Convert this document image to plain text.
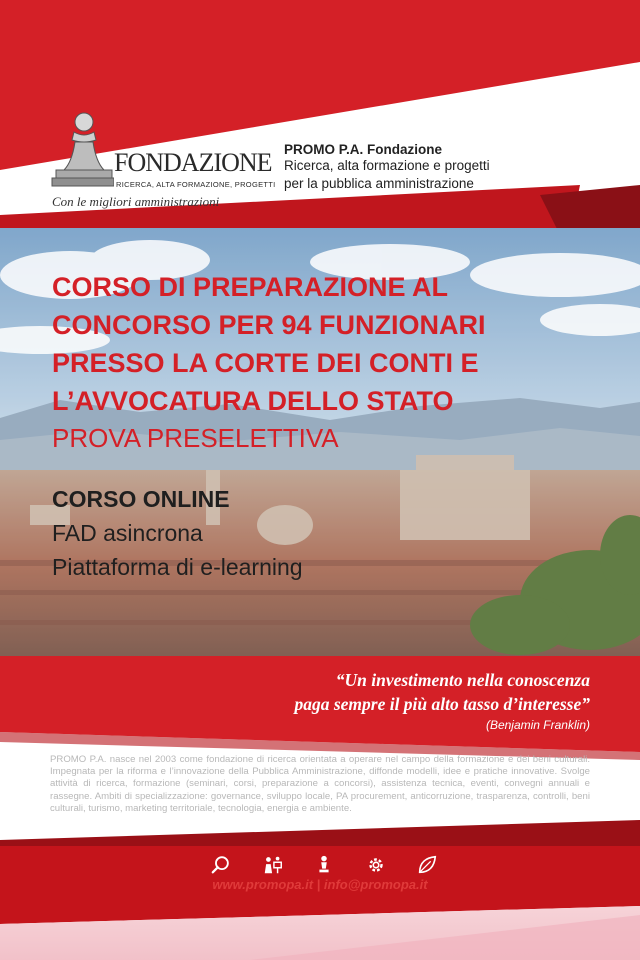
FONDAZIONE
RICERCA, ALTA FORMAZIONE, PROGETTI
Con le migliori amministrazioni
PROMO P.A. Fondazione
Ricerca, alta formazione e progetti
per la pubblica amministrazione
CORSO DI PREPARAZIONE AL
CONCORSO PER 94 FUNZIONARI
PRESSO LA CORTE DEI CONTI E
L’AVVOCATURA DELLO STATO
PROVA PRESELETTIVA
CORSO ONLINE
FAD asincrona
Piattaforma di e-learning
“Un investimento nella conoscenza
paga sempre il più alto tasso d’interesse”
(Benjamin Franklin)
PROMO P.A. nasce nel 2003 come fondazione di ricerca orientata a operare nel campo della formazione e dei beni culturali. Impegnata per la riforma e l’innovazione della Pubblica Amministrazione, diffonde modelli, idee e pratiche innovative. Svolge attività di ricerca, formazione (seminari, corsi, preparazione a concorsi), assistenza tecnica, eventi, convegni annuali e rassegne. Ambiti di specializzazione: governance, sviluppo locale, PA procurement, anticorruzione, trasparenza, controlli, beni culturali, turismo, marketing territoriale, tecnologia, energia e ambiente.
www.promopa.it | info@promopa.it
